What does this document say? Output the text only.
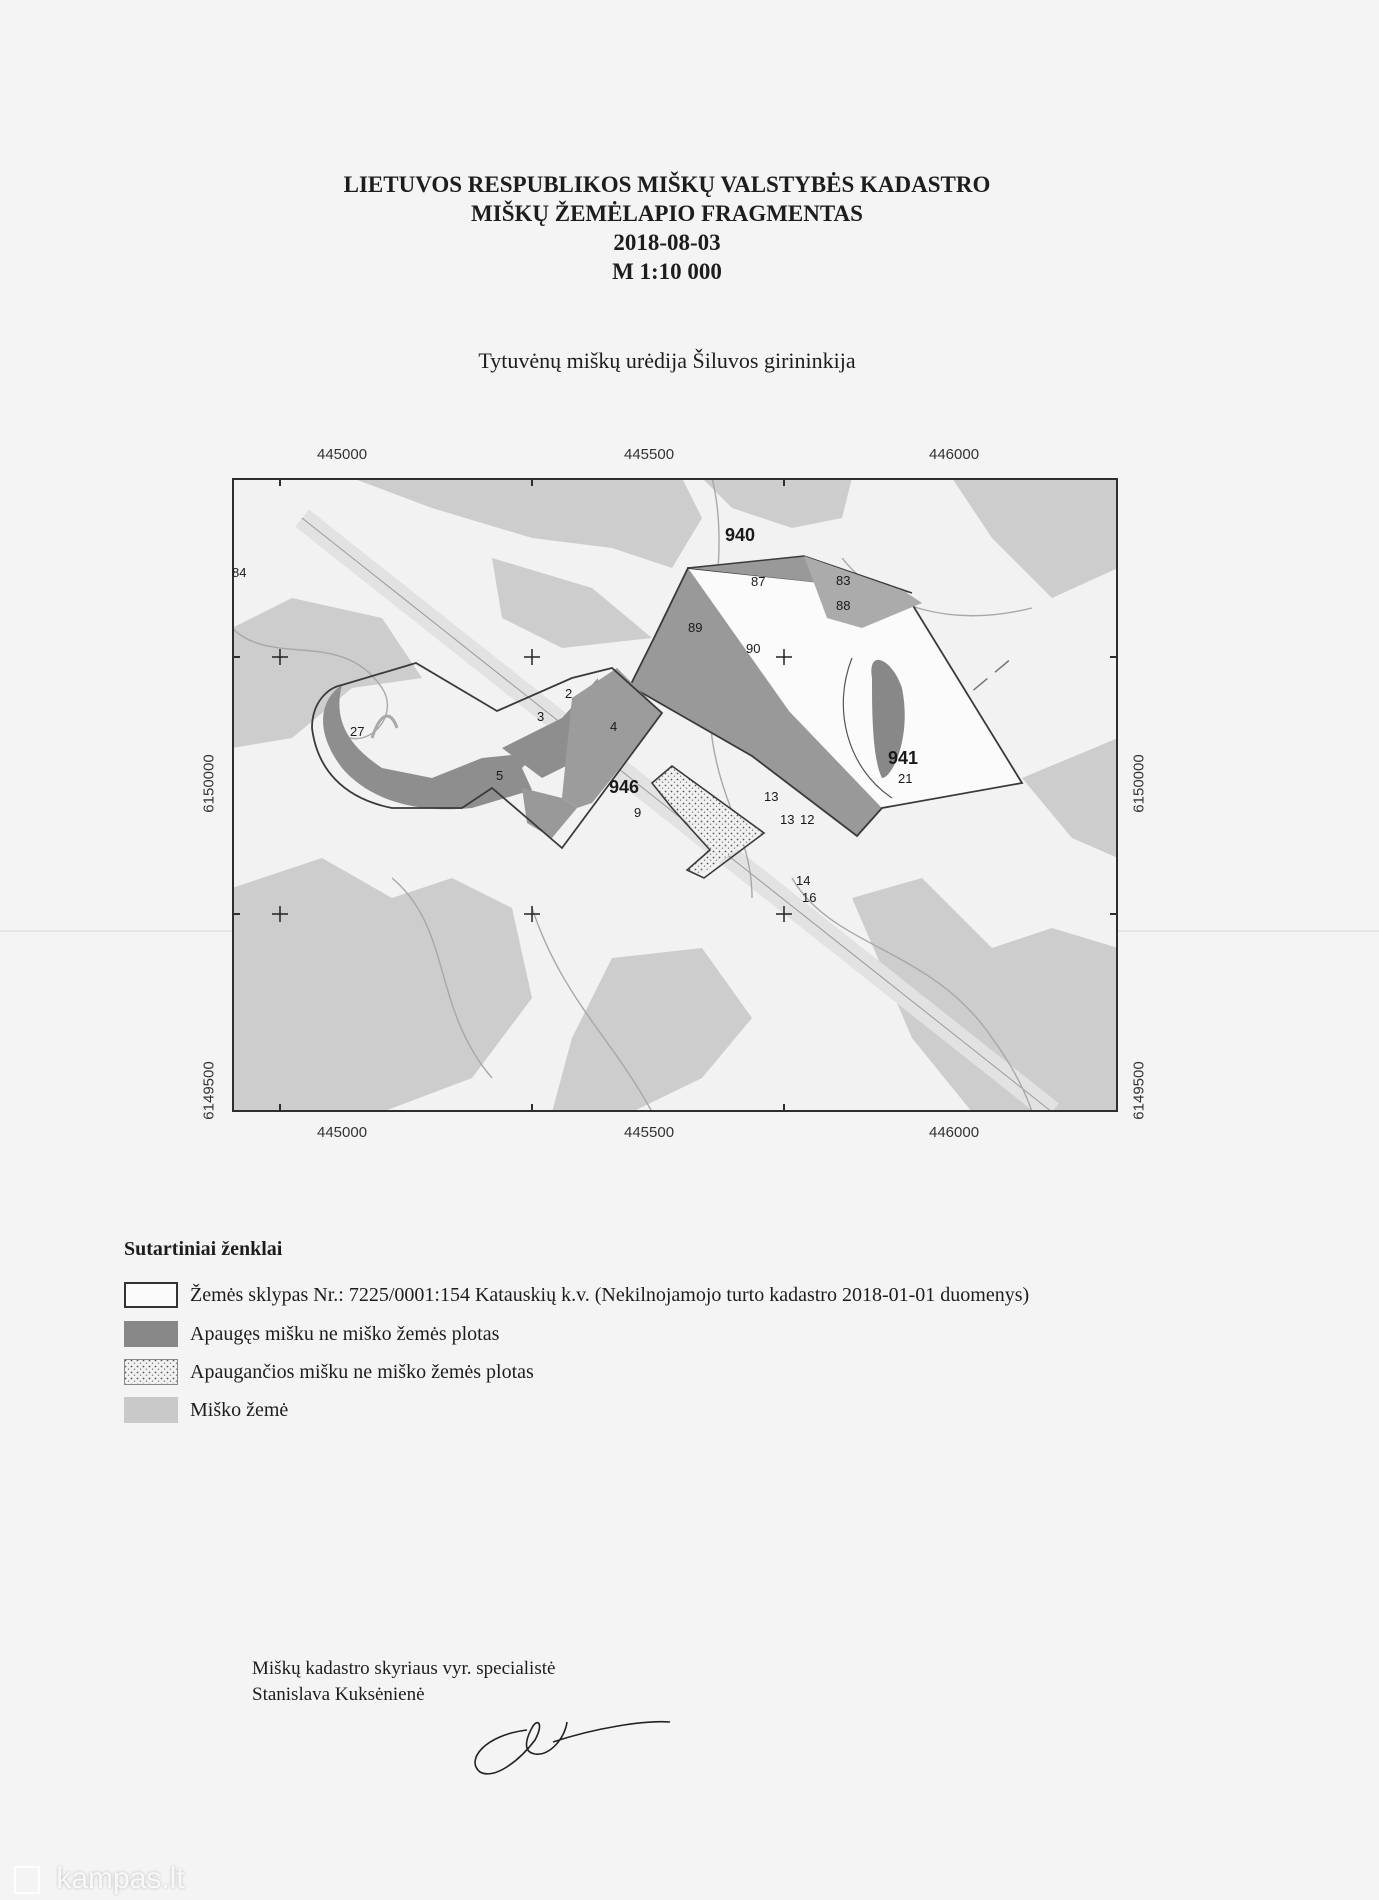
LIETUVOS RESPUBLIKOS MIŠKŲ VALSTYBĖS KADASTRO
MIŠKŲ ŽEMĖLAPIO FRAGMENTAS
2018-08-03
M 1:10 000
Tytuvėnų miškų urėdija Šiluvos girininkija
445000	445500	446000
445000	445500	446000
6150000	6150000
6149500	6149500
940
941
946
84
83
87
88
89
90
21
2
3
4
27
5
9
13
13 12
14
16
Sutartiniai ženklai
Žemės sklypas Nr.: 7225/0001:154 Katauskių k.v. (Nekilnojamojo turto kadastro 2018-01-01 duomenys)
Apaugęs mišku ne miško žemės plotas
Apaugančios mišku ne miško žemės plotas
Miško žemė
Miškų kadastro skyriaus vyr. specialistė
Stanislava Kuksėnienė
kampas.lt
